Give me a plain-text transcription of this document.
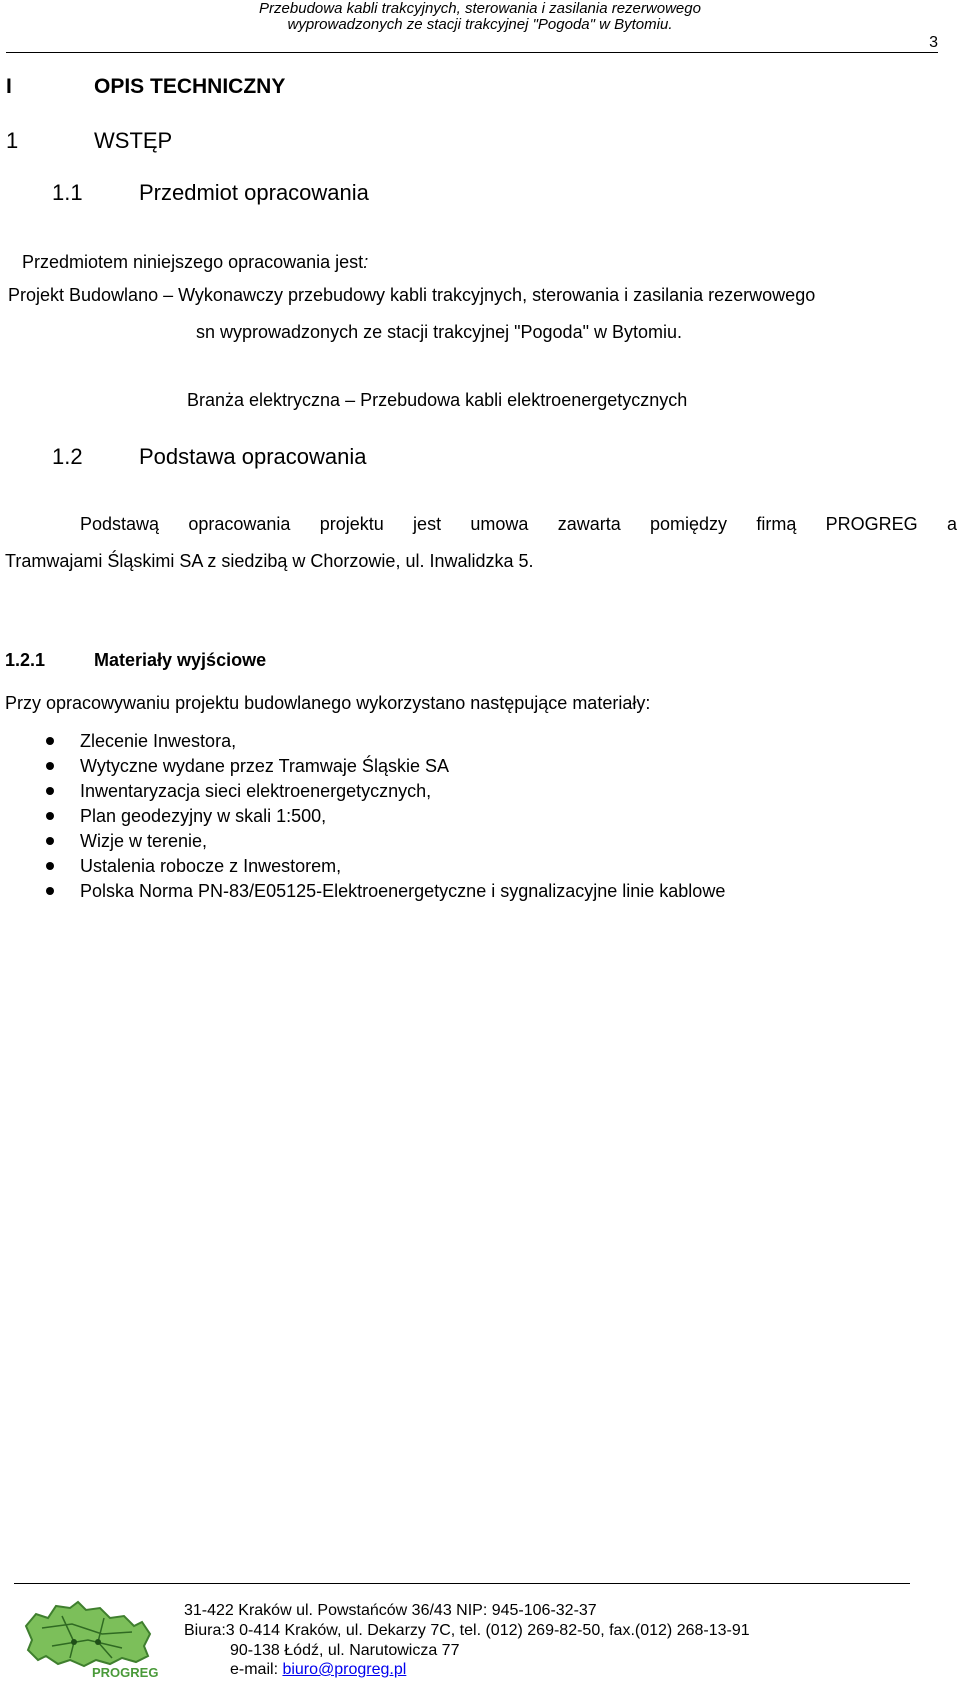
Przebudowa kabli trakcyjnych, sterowania i zasilania rezerwowego
wyprowadzonych ze stacji trakcyjnej "Pogoda" w Bytomiu.
3
I	OPIS TECHNICZNY
1	WSTĘP
1.1	Przedmiot opracowania
Przedmiotem niniejszego opracowania jest:
Projekt Budowlano – Wykonawczy przebudowy kabli trakcyjnych, sterowania i zasilania rezerwowego
sn wyprowadzonych ze stacji trakcyjnej "Pogoda" w Bytomiu.
Branża elektryczna – Przebudowa kabli elektroenergetycznych
1.2	Podstawa opracowania
Podstawą opracowania projektu jest umowa zawarta pomiędzy firmą PROGREG a
Tramwajami Śląskimi SA z siedzibą w Chorzowie, ul. Inwalidzka 5.
1.2.1	Materiały wyjściowe
Przy opracowywaniu projektu budowlanego wykorzystano następujące materiały:
Zlecenie Inwestora,
Wytyczne wydane przez Tramwaje Śląskie SA
Inwentaryzacja sieci elektroenergetycznych,
Plan geodezyjny w skali 1:500,
Wizje w terenie,
Ustalenia robocze z Inwestorem,
Polska Norma PN-83/E05125-Elektroenergetyczne i sygnalizacyjne linie kablowe
PROGREG
31-422 Kraków ul. Powstańców 36/43 NIP: 945-106-32-37
Biura:3 0-414 Kraków, ul. Dekarzy 7C, tel. (012) 269-82-50, fax.(012) 268-13-91
90-138 Łódź, ul. Narutowicza 77
e-mail: biuro@progreg.pl
